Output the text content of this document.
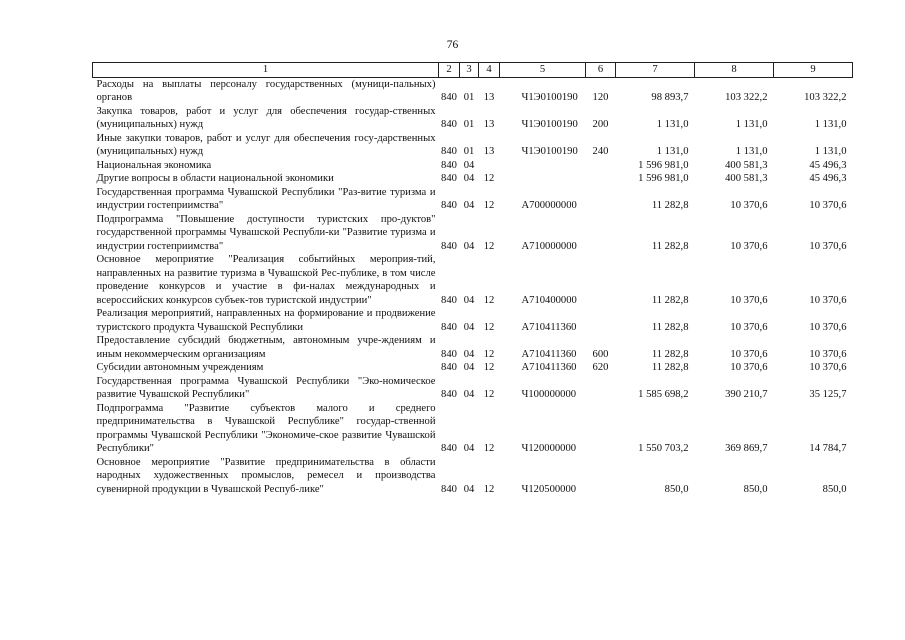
76
1	2	3	4	5	6	7	8	9
Расходы на выплаты персоналу государственных (муници-пальных) органов	840	01	13	Ч1Э0100190	120	98 893,7	103 322,2	103 322,2
Закупка товаров, работ и услуг для обеспечения государ-ственных (муниципальных) нужд	840	01	13	Ч1Э0100190	200	1 131,0	1 131,0	1 131,0
Иные закупки товаров, работ и услуг для обеспечения госу-дарственных (муниципальных) нужд	840	01	13	Ч1Э0100190	240	1 131,0	1 131,0	1 131,0
Национальная экономика	840	04				1 596 981,0	400 581,3	45 496,3
Другие вопросы в области национальной экономики	840	04	12			1 596 981,0	400 581,3	45 496,3
Государственная программа Чувашской Республики "Раз-витие туризма и индустрии гостеприимства"	840	04	12	А700000000		11 282,8	10 370,6	10 370,6
Подпрограмма "Повышение доступности туристских про-дуктов" государственной программы Чувашской Республи-ки "Развитие туризма и индустрии гостеприимства"	840	04	12	А710000000		11 282,8	10 370,6	10 370,6
Основное мероприятие "Реализация событийных мероприя-тий, направленных на развитие туризма в Чувашской Рес-публике, в том числе проведение конкурсов и участие в фи-налах международных и всероссийских конкурсов субъек-тов туристской индустрии"	840	04	12	А710400000		11 282,8	10 370,6	10 370,6
Реализация мероприятий, направленных на формирование и продвижение туристского продукта Чувашской Республики	840	04	12	А710411360		11 282,8	10 370,6	10 370,6
Предоставление субсидий бюджетным, автономным учре-ждениям и иным некоммерческим организациям	840	04	12	А710411360	600	11 282,8	10 370,6	10 370,6
Субсидии автономным учреждениям	840	04	12	А710411360	620	11 282,8	10 370,6	10 370,6
Государственная программа Чувашской Республики "Эко-номическое развитие Чувашской Республики"	840	04	12	Ч100000000		1 585 698,2	390 210,7	35 125,7
Подпрограмма "Развитие субъектов малого и среднего предпринимательства в Чувашской Республике" государ-ственной программы Чувашской Республики "Экономиче-ское развитие Чувашской Республики"	840	04	12	Ч120000000		1 550 703,2	369 869,7	14 784,7
Основное мероприятие "Развитие предпринимательства в области народных художественных промыслов, ремесел и производства сувенирной продукции в Чувашской Респуб-лике"	840	04	12	Ч120500000		850,0	850,0	850,0
